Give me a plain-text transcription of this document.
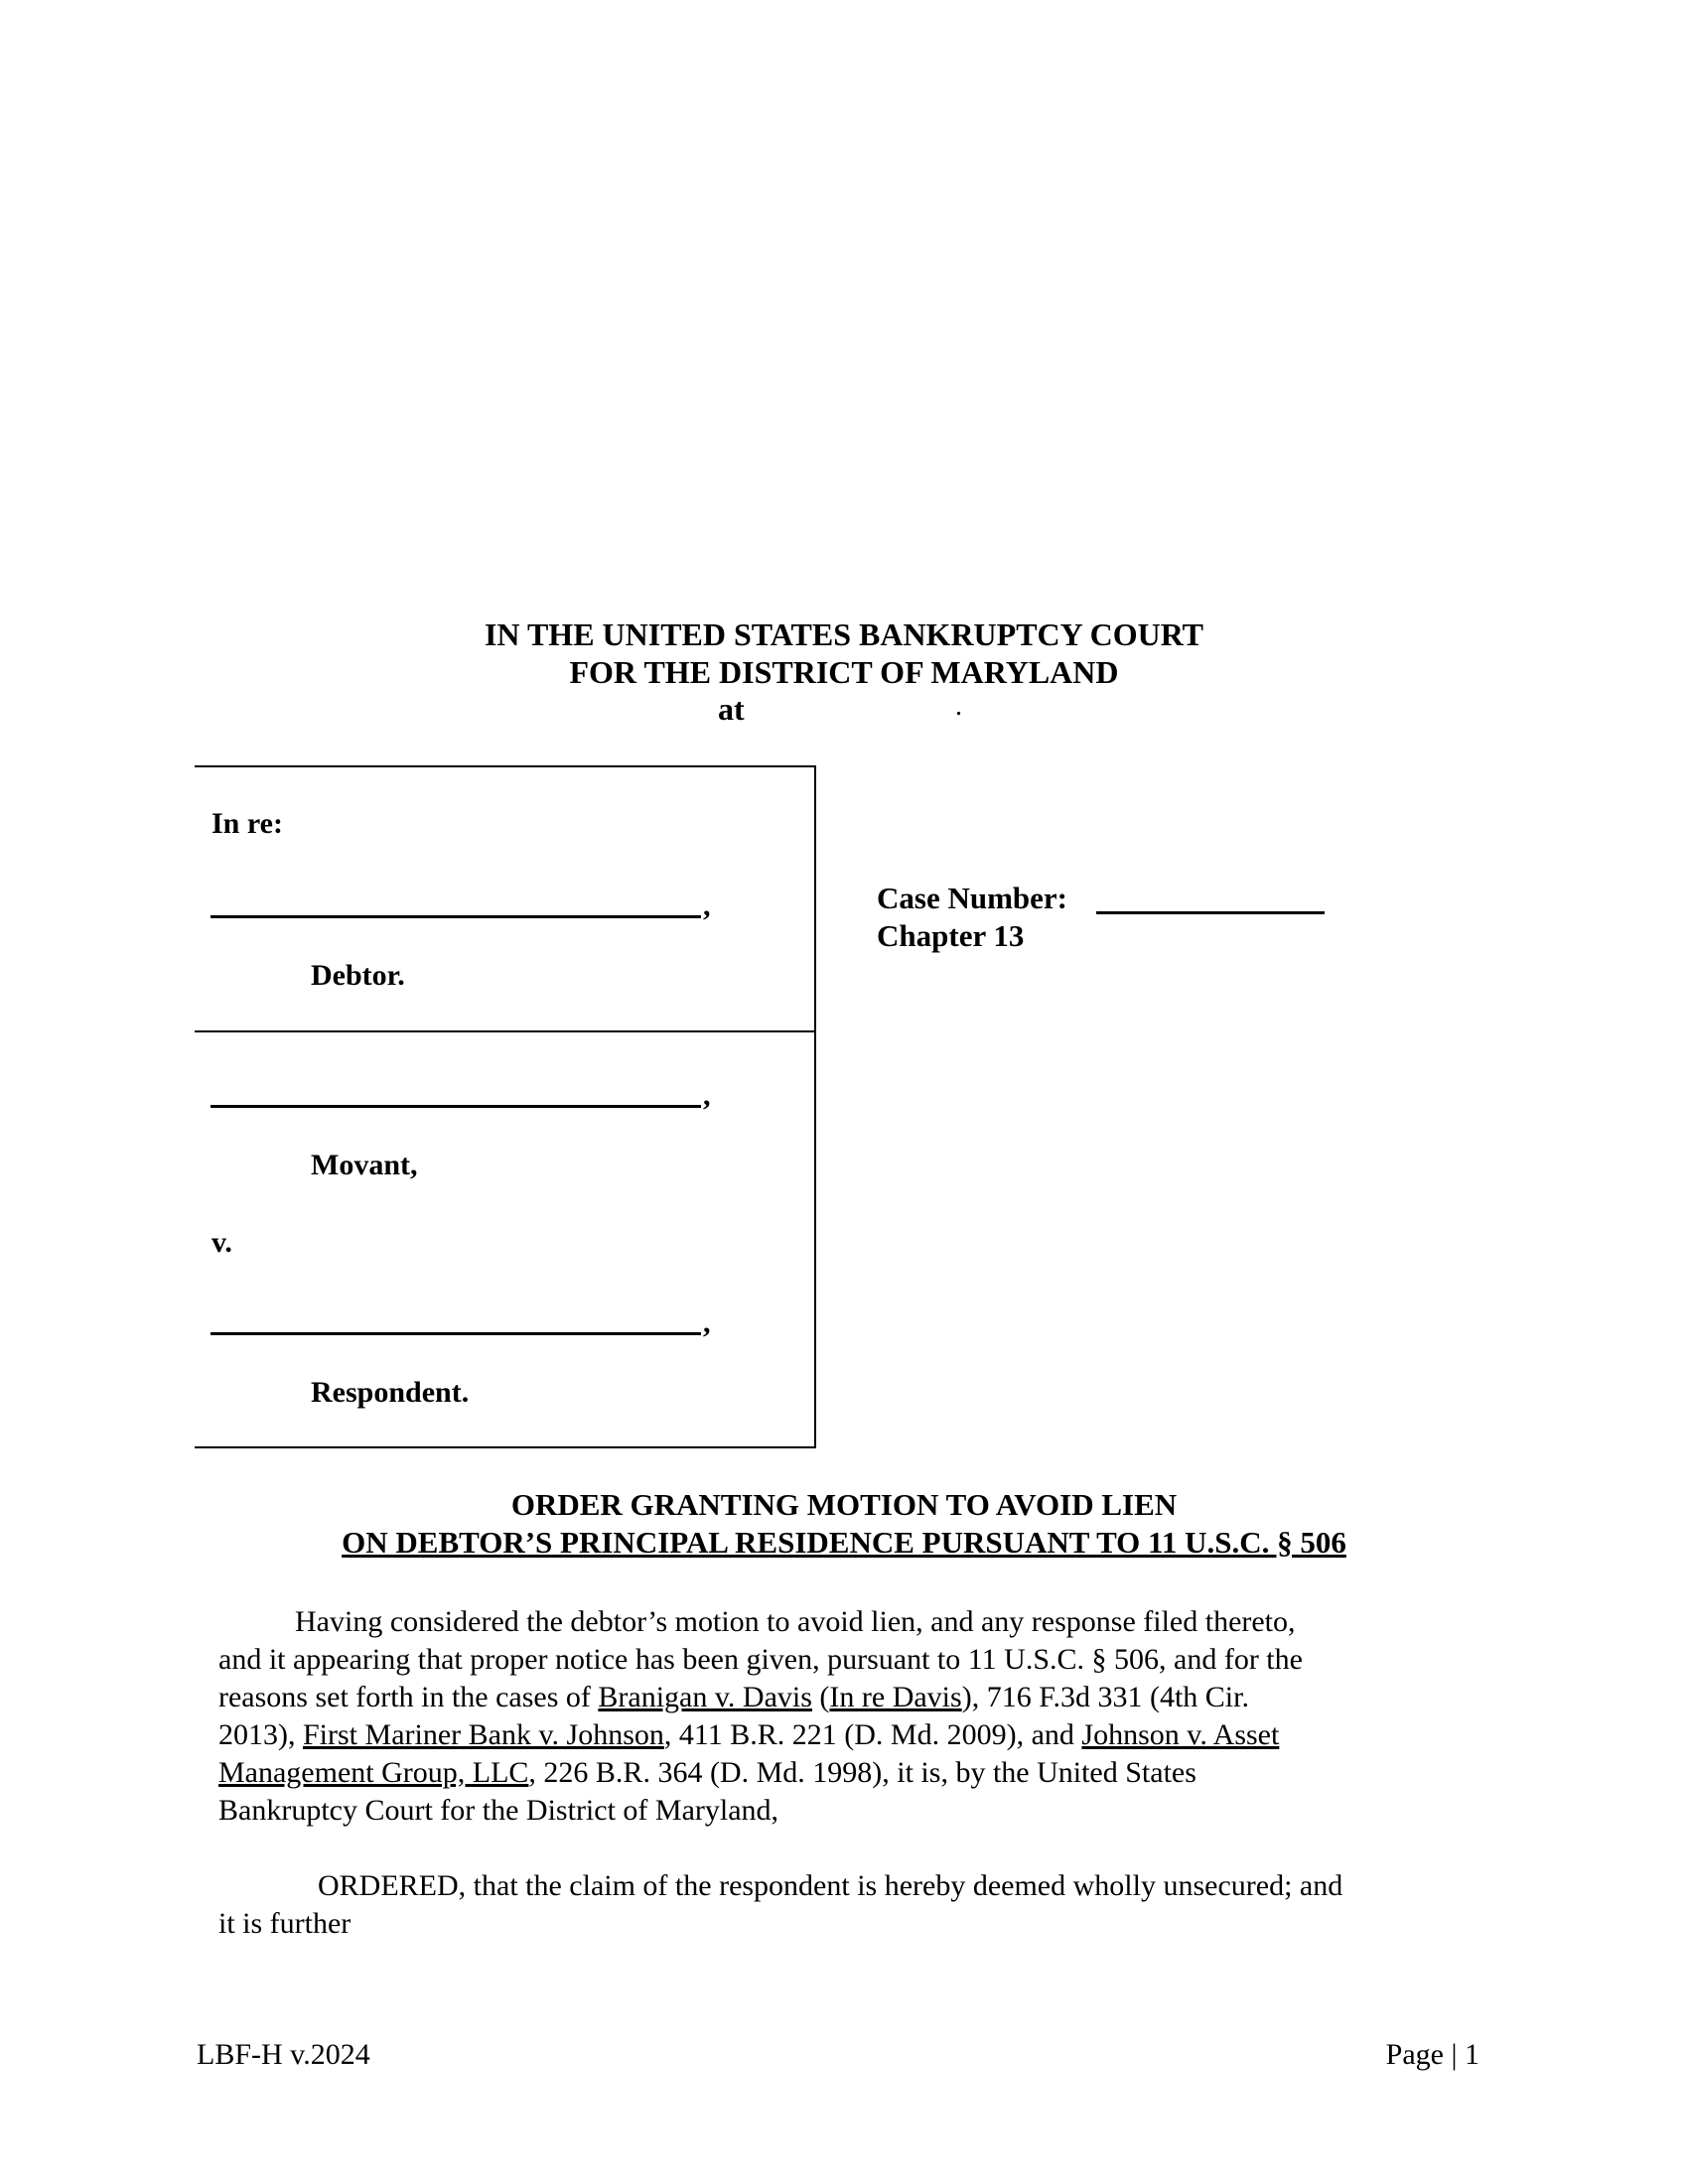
IN THE UNITED STATES BANKRUPTCY COURT
FOR THE DISTRICT OF MARYLAND
at	.
In re:
,
Debtor.
,
Movant,
v.
,
Respondent.
Case Number:
Chapter 13
ORDER GRANTING MOTION TO AVOID LIEN
ON DEBTOR’S PRINCIPAL RESIDENCE PURSUANT TO 11 U.S.C. § 506
Having considered the debtor’s motion to avoid lien, and any response filed thereto,
and it appearing that proper notice has been given, pursuant to 11 U.S.C. § 506, and for the
reasons set forth in the cases of Branigan v. Davis (In re Davis), 716 F.3d 331 (4th Cir.
2013), First Mariner Bank v. Johnson, 411 B.R. 221 (D. Md. 2009), and Johnson v. Asset
Management Group, LLC, 226 B.R. 364 (D. Md. 1998), it is, by the United States
Bankruptcy Court for the District of Maryland,
ORDERED, that the claim of the respondent is hereby deemed wholly unsecured; and
it is further
LBF-H v.2024	Page | 1
